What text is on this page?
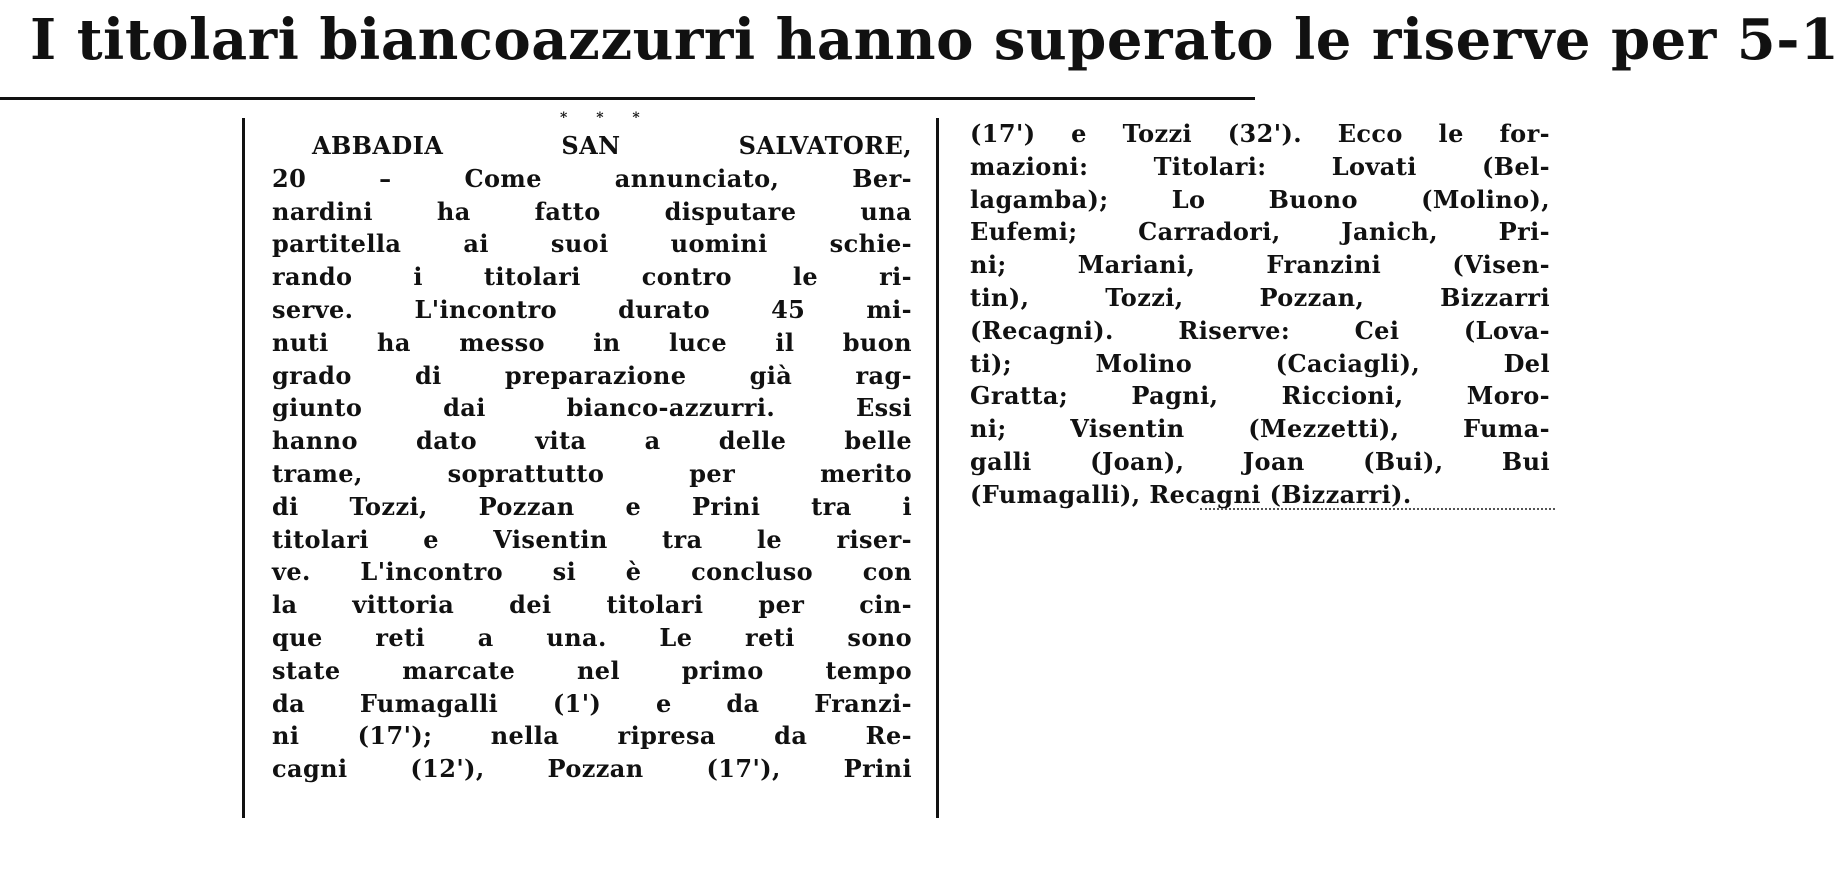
I titolari biancoazzurri hanno superato le riserve per 5-1
* * *
ABBADIA SAN SALVATORE,
20 – Come annunciato, Ber-
nardini ha fatto disputare una
partitella ai suoi uomini schie-
rando i titolari contro le ri-
serve. L'incontro durato 45 mi-
nuti ha messo in luce il buon
grado di preparazione già rag-
giunto dai bianco-azzurri. Essi
hanno dato vita a delle belle
trame, soprattutto per merito
di Tozzi, Pozzan e Prini tra i
titolari e Visentin tra le riser-
ve. L'incontro si è concluso con
la vittoria dei titolari per cin-
que reti a una. Le reti sono
state marcate nel primo tempo
da Fumagalli (1') e da Franzi-
ni (17'); nella ripresa da Re-
cagni (12'), Pozzan (17'), Prini
(17') e Tozzi (32'). Ecco le for-
mazioni: Titolari: Lovati (Bel-
lagamba); Lo Buono (Molino),
Eufemi; Carradori, Janich, Pri-
ni; Mariani, Franzini (Visen-
tin), Tozzi, Pozzan, Bizzarri
(Recagni). Riserve: Cei (Lova-
ti); Molino (Caciagli), Del
Gratta; Pagni, Riccioni, Moro-
ni; Visentin (Mezzetti), Fuma-
galli (Joan), Joan (Bui), Bui
(Fumagalli), Recagni (Bizzarri).
